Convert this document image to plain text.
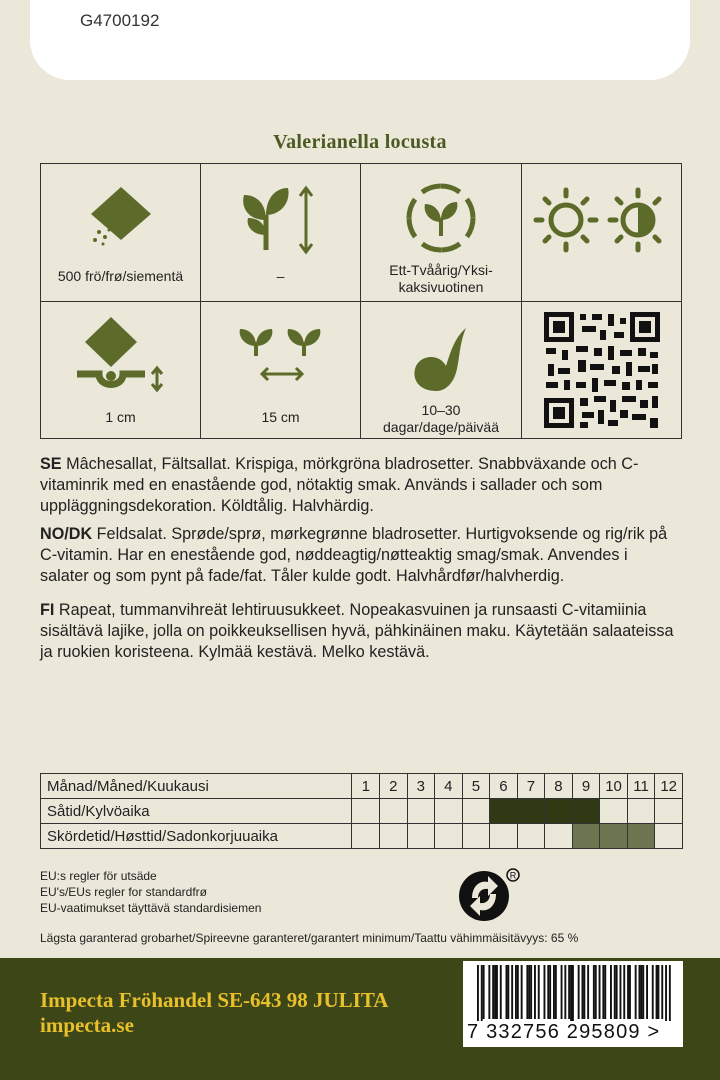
G4700192
Valerianella locusta
500 frö/frø/siementä	–	Ett-Tvåårig/Yksi-
kaksivuotinen
1 cm	15 cm	10–30
dagar/dage/päivää
SE Mâchesallat, Fältsallat. Krispiga, mörkgröna bladrosetter. Snabbväxande och C-vitaminrik med en enastående god, nötaktig smak. Används i sallader och som uppläggningsdekoration. Köldtålig. Halvhärdig.
NO/DK Feldsalat. Sprøde/sprø, mørkegrønne bladrosetter. Hurtigvoksende og rig/rik på C-vitamin. Har en enestående god, nøddeagtig/nøtteaktig smag/smak. Anvendes i salater og som pynt på fade/fat. Tåler kulde godt. Halvhårdfør/halvherdig.
FI Rapeat, tummanvihreät lehtiruusukkeet. Nopeakasvuinen ja runsaasti C-vitamiinia sisältävä lajike, jolla on poikkeuksellisen hyvä, pähkinäinen maku. Käytetään salaateissa ja ruokien koristeena. Kylmää kestävä. Melko kestävä.
Månad/Måned/Kuukausi	1	2	3	4	5	6	7	8	9	10	11	12
Såtid/Kylvöaika												
Skördetid/Høsttid/Sadonkorjuuaika												
EU:s regler för utsäde
EU's/EUs regler for standardfrø
EU-vaatimukset täyttävä standardisiemen
R
Lägsta garanterad grobarhet/Spireevne garanteret/garantert minimum/Taattu vähimmäisitävyys: 65 %
Impecta Fröhandel SE-643 98 JULITA
impecta.se	7 332756 295809 >
